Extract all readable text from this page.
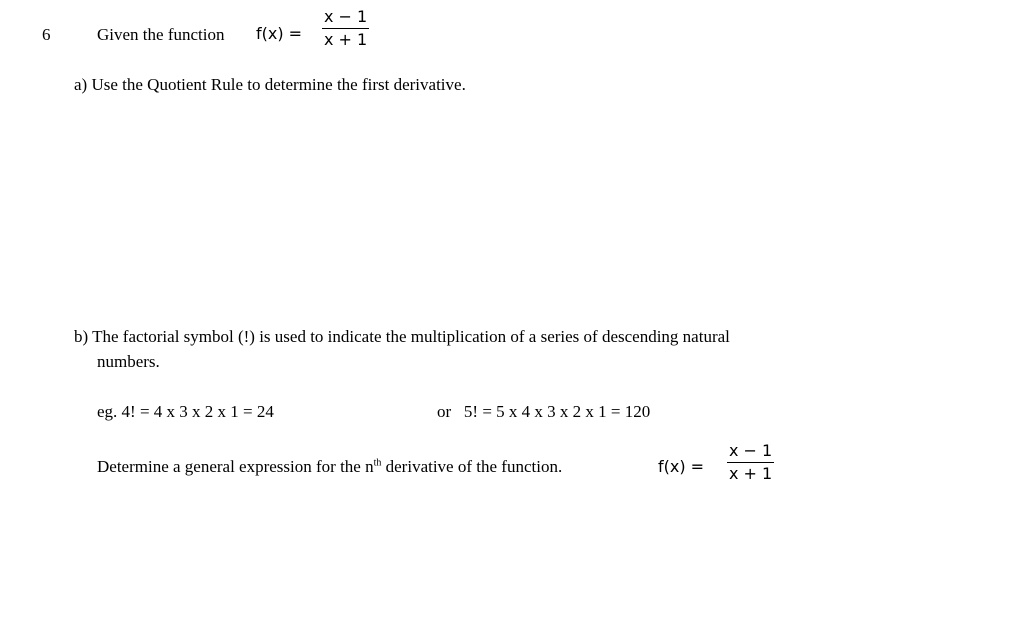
6	Given the function f(x) =
x − 1
x + 1
a) Use the Quotient Rule to determine the first derivative.
b) The factorial symbol (!) is used to indicate the multiplication of a series of descending natural
numbers.
eg. 4! = 4 x 3 x 2 x 1 = 24	or   5! = 5 x 4 x 3 x 2 x 1 = 120
Determine a general expression for the $n^{th}$ derivative of the function.	f(x) =
x − 1
x + 1
